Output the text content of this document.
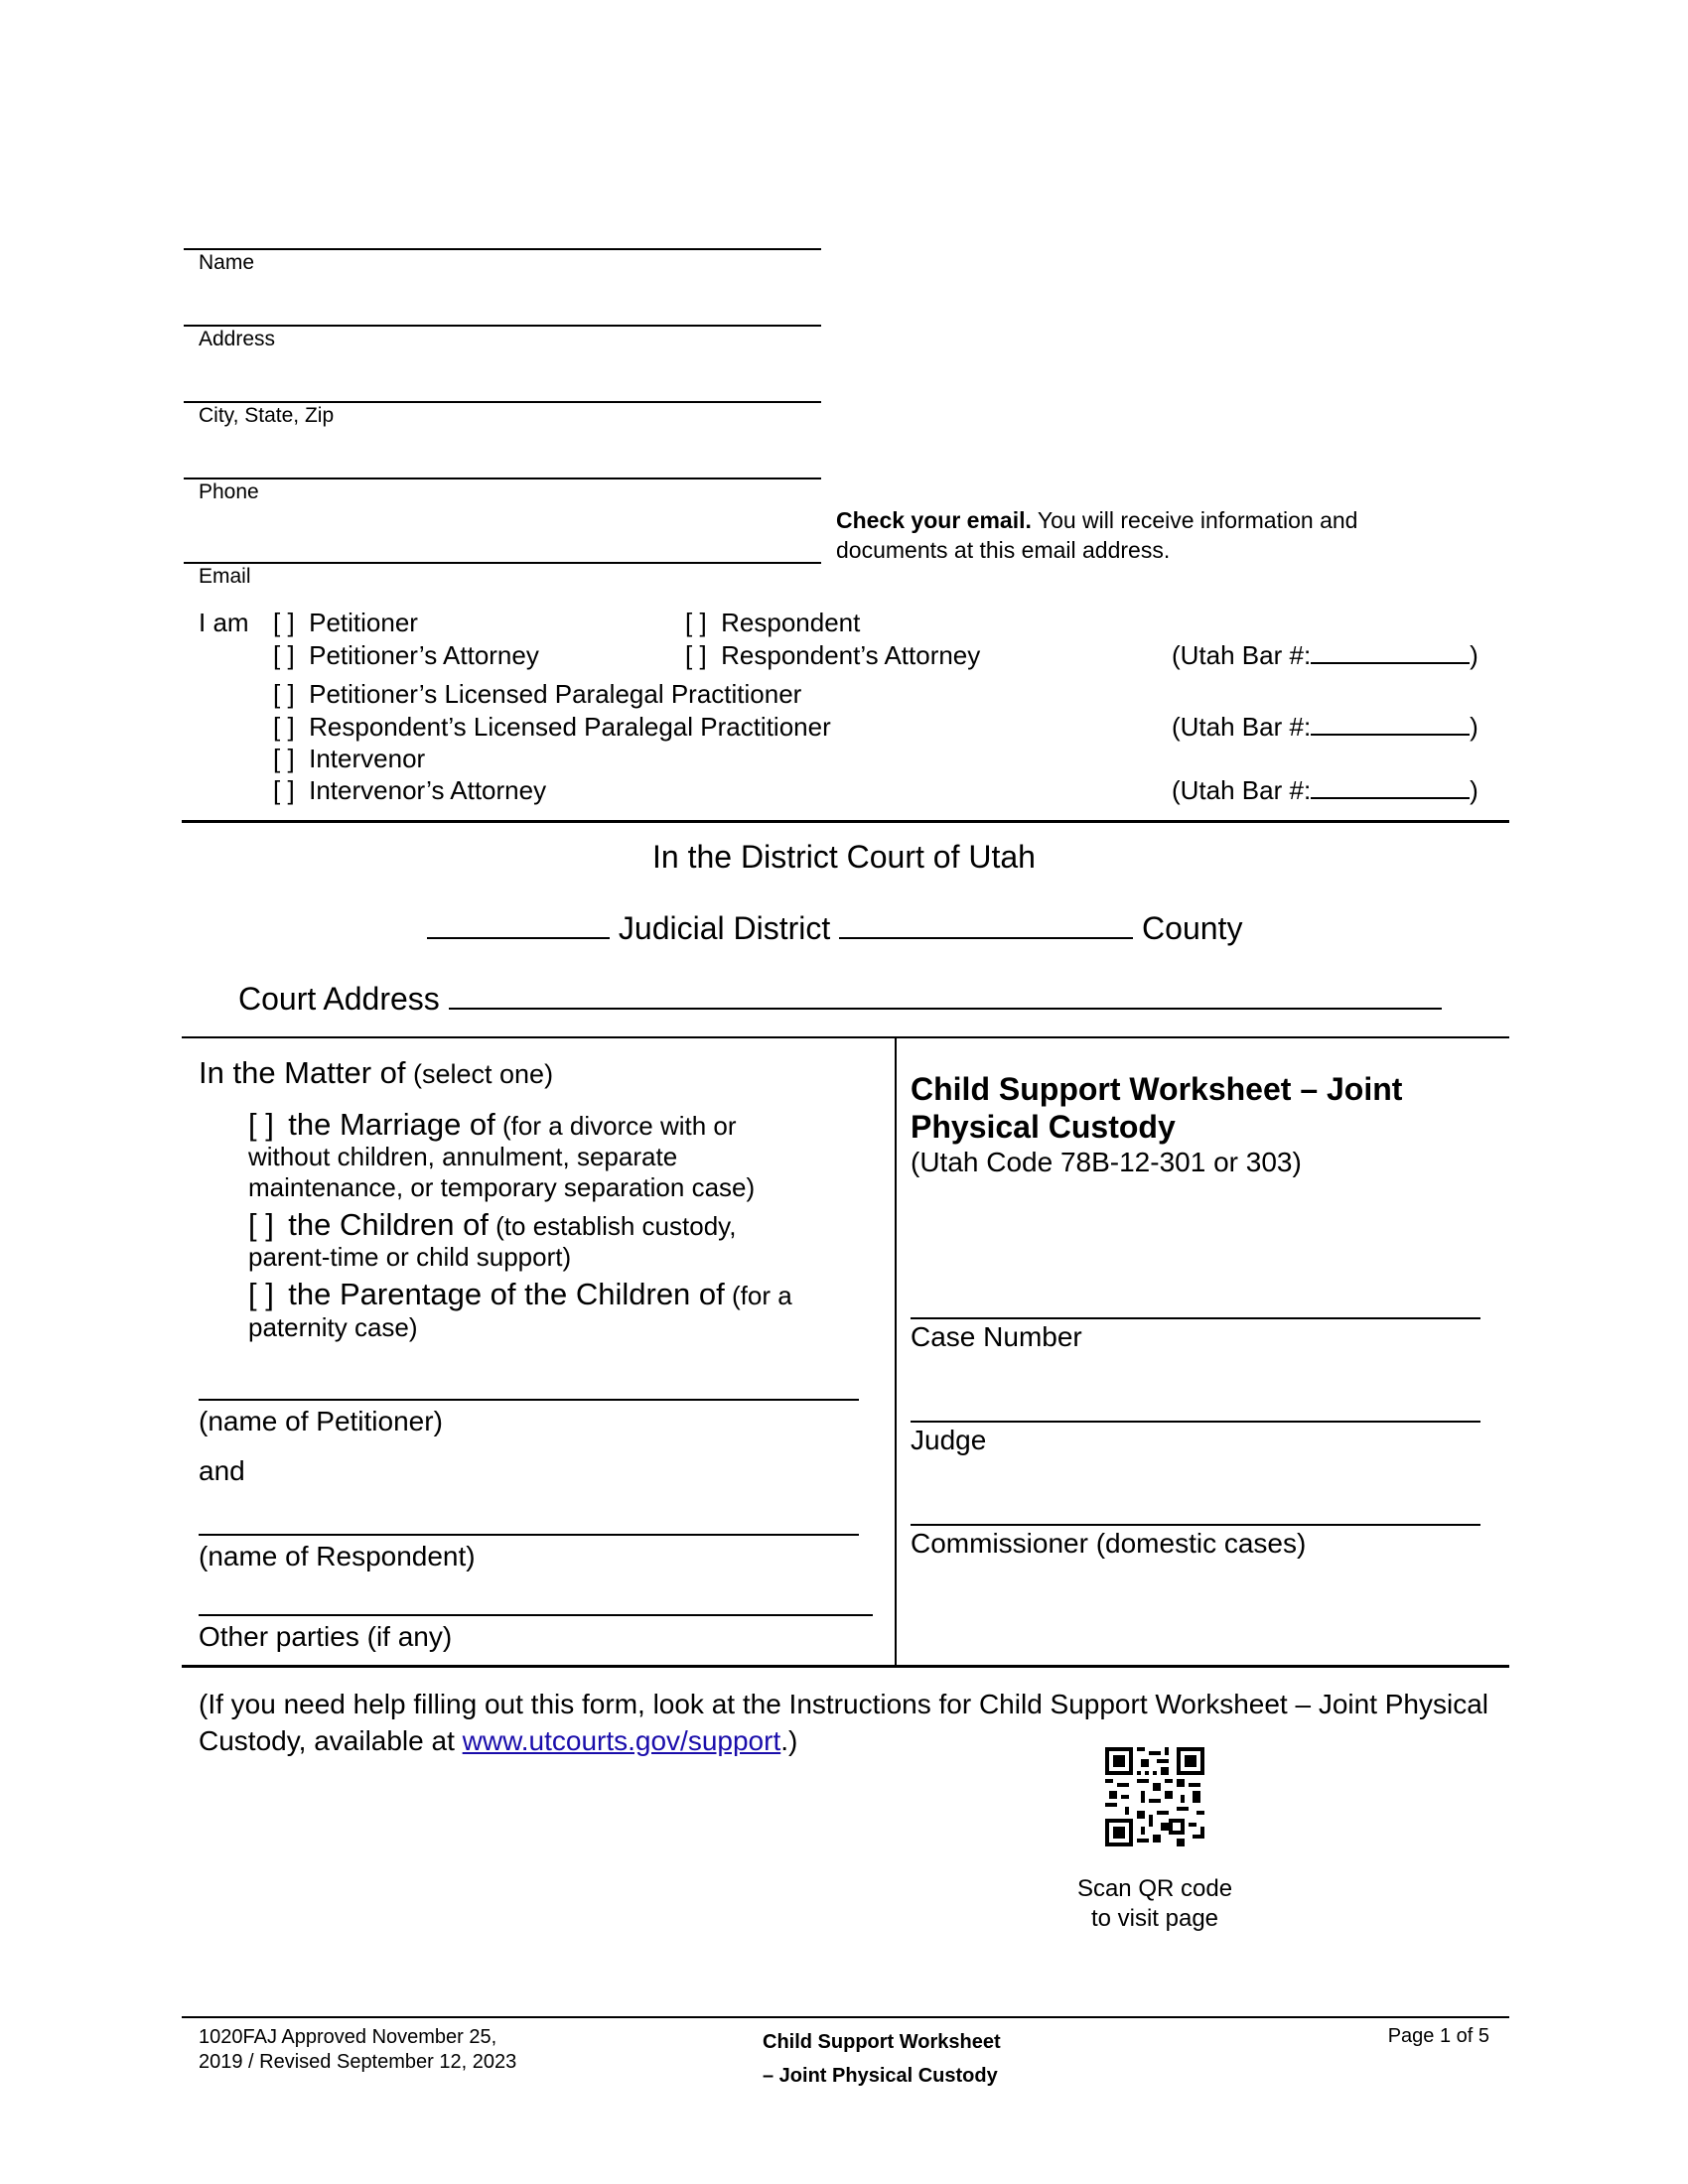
Name
Address
City, State, Zip
Phone
Email
Check your email. You will receive information and
documents at this email address.
I am [ ] Petitioner	[ ] Respondent
[ ] Petitioner’s Attorney	[ ] Respondent’s Attorney	(Utah Bar #:	)
[ ] Petitioner’s Licensed Paralegal Practitioner
[ ] Respondent’s Licensed Paralegal Practitioner	(Utah Bar #:	)
[ ] Intervenor
[ ] Intervenor’s Attorney	(Utah Bar #:	)
In the District Court of Utah
Judicial District	County
Court Address
In the Matter of (select one)
[ ] the Marriage of (for a divorce with or
without children, annulment, separate
maintenance, or temporary separation case)
[ ] the Children of (to establish custody,
parent-time or child support)
[ ] the Parentage of the Children of (for a
paternity case)
(name of Petitioner)
and
(name of Respondent)
Other parties (if any)
Child Support Worksheet – Joint
Physical Custody
(Utah Code 78B-12-301 or 303)
Case Number
Judge
Commissioner (domestic cases)
(If you need help filling out this form, look at the Instructions for Child Support Worksheet – Joint Physical
Custody, available at www.utcourts.gov/support.)
Scan QR code
to visit page
1020FAJ Approved November 25,
2019 / Revised September 12, 2023
Child Support Worksheet
– Joint Physical Custody
Page 1 of 5
